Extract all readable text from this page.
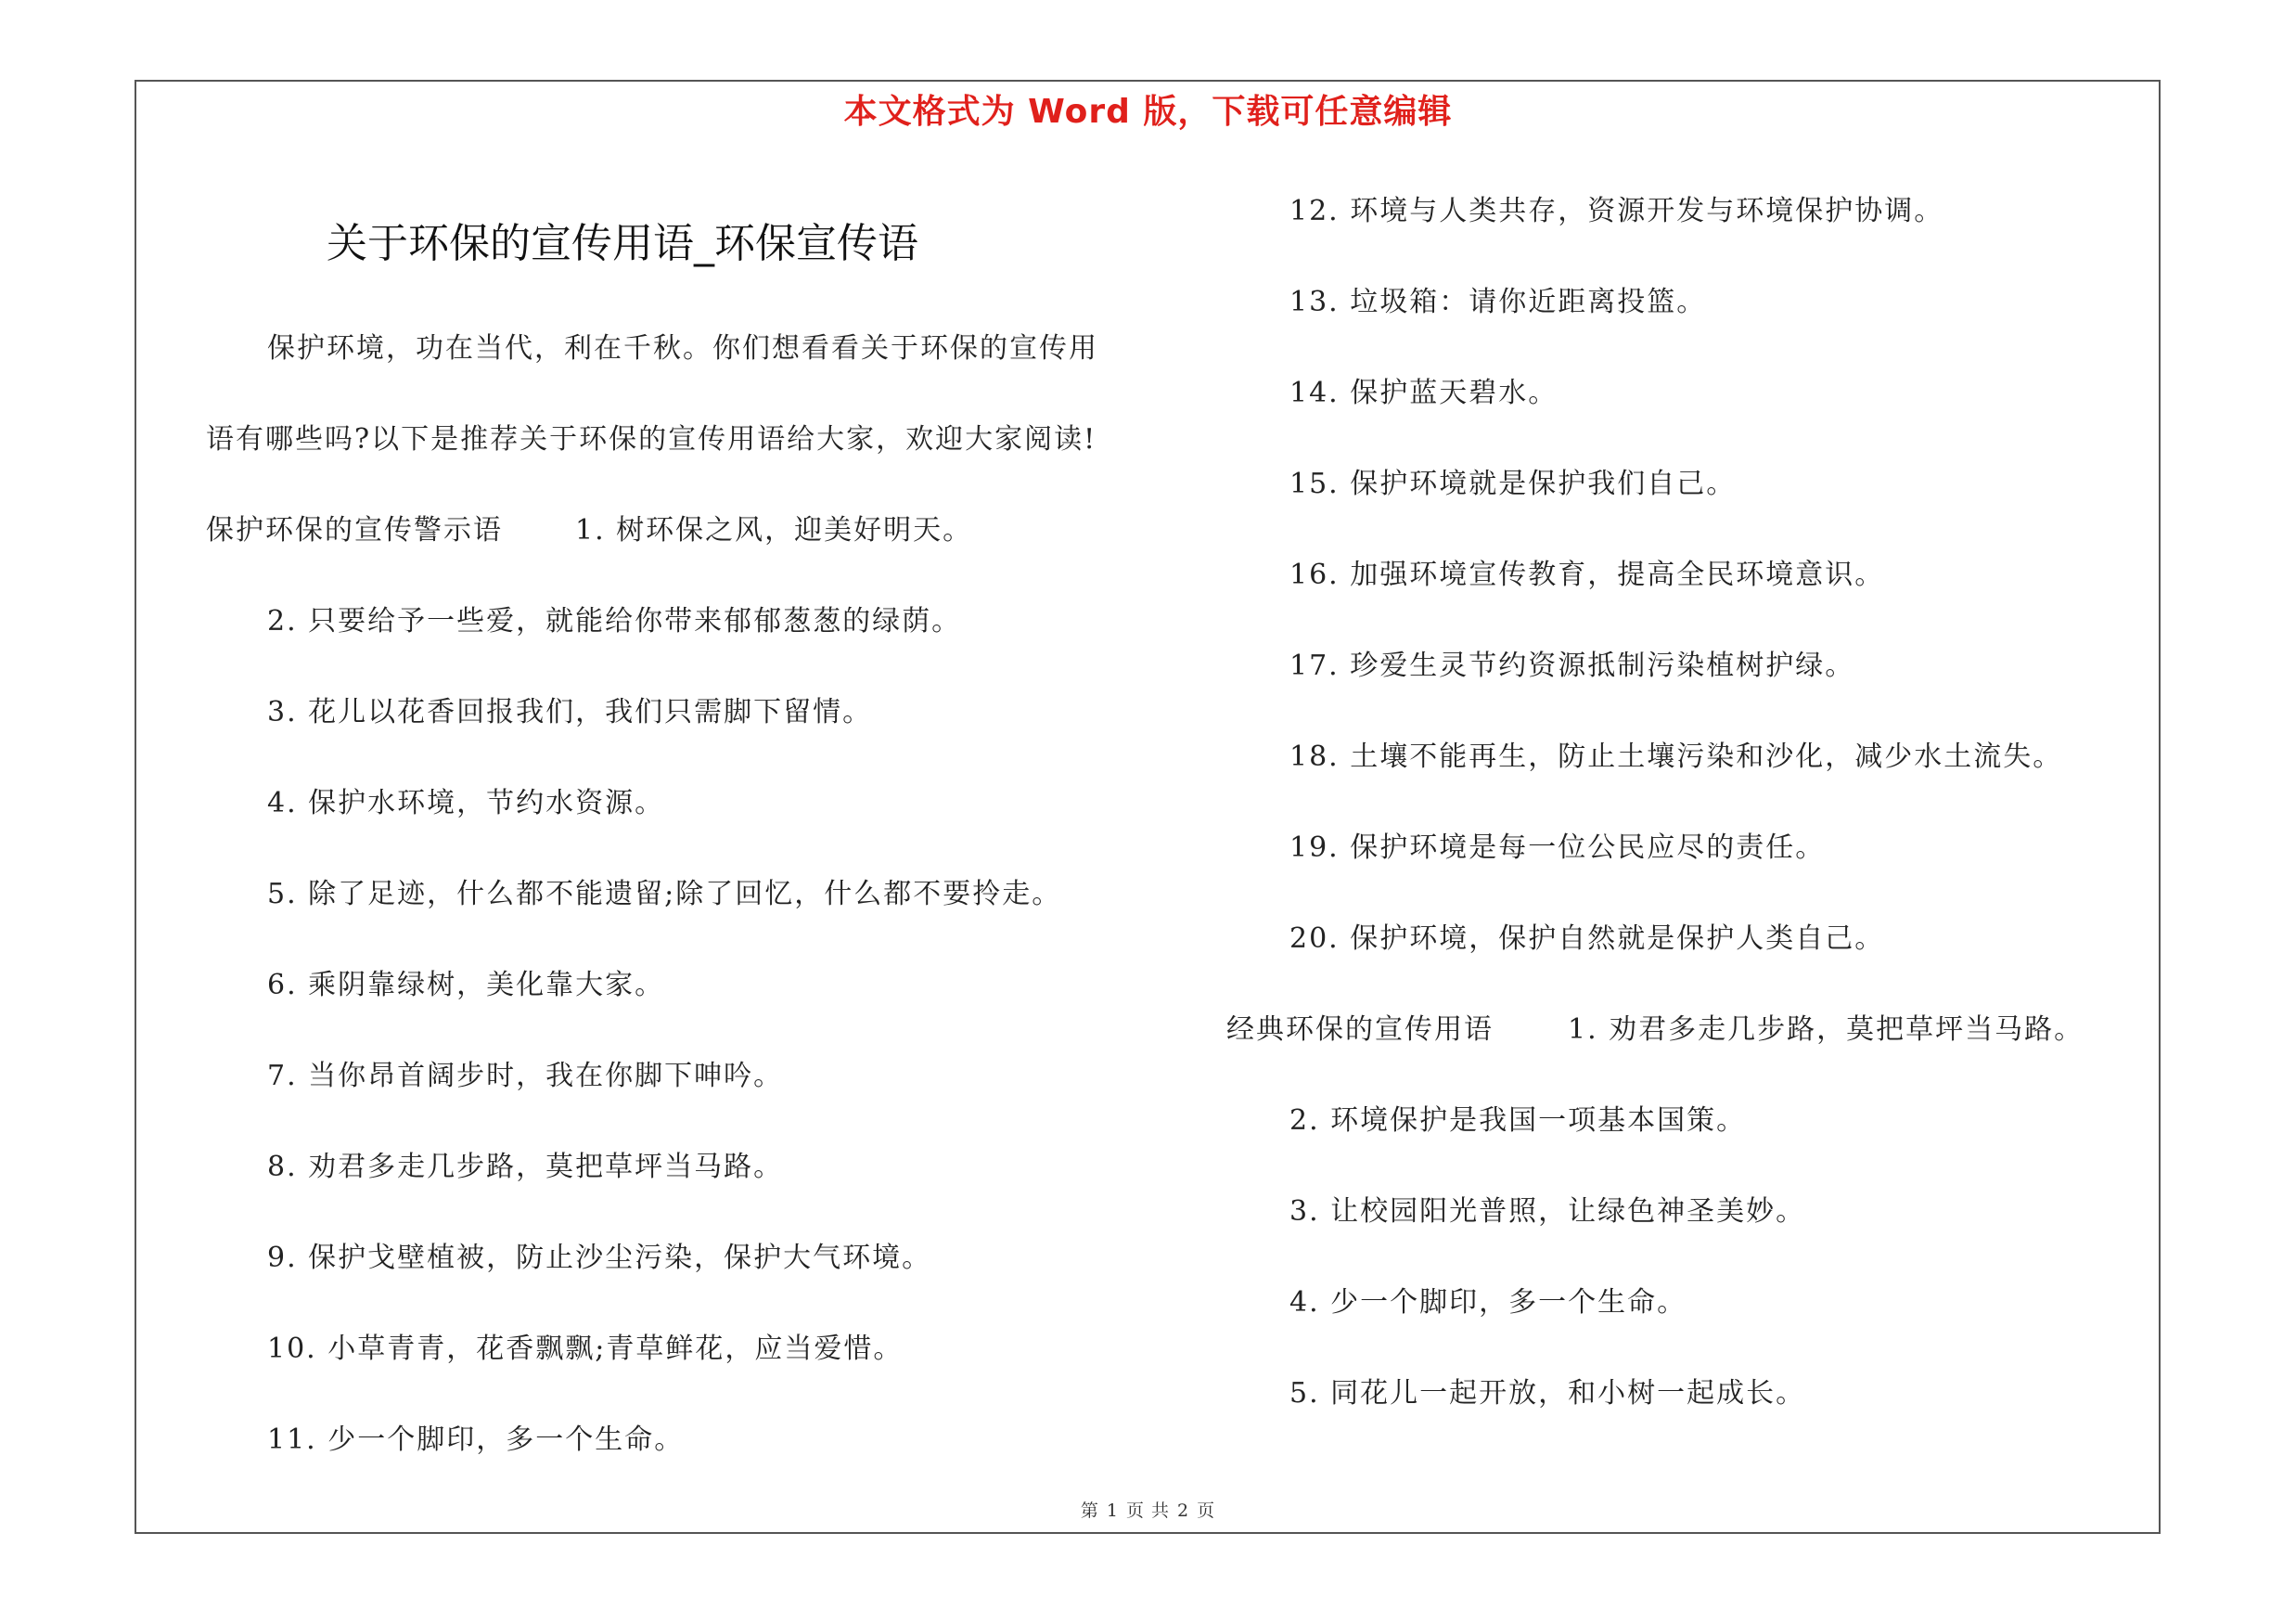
本文格式为 Word 版，下载可任意编辑
关于环保的宣传用语_环保宣传语
保护环境，功在当代，利在千秋。你们想看看关于环保的宣传用
语有哪些吗?以下是推荐关于环保的宣传用语给大家，欢迎大家阅读!
保护环保的宣传警示语	1. 树环保之风，迎美好明天。
2. 只要给予一些爱，就能给你带来郁郁葱葱的绿荫。
3. 花儿以花香回报我们，我们只需脚下留情。
4. 保护水环境，节约水资源。
5. 除了足迹，什么都不能遗留;除了回忆，什么都不要拎走。
6. 乘阴靠绿树，美化靠大家。
7. 当你昂首阔步时，我在你脚下呻吟。
8. 劝君多走几步路，莫把草坪当马路。
9. 保护戈壁植被，防止沙尘污染，保护大气环境。
10. 小草青青，花香飘飘;青草鲜花，应当爱惜。
11. 少一个脚印，多一个生命。
12. 环境与人类共存，资源开发与环境保护协调。
13. 垃圾箱：请你近距离投篮。
14. 保护蓝天碧水。
15. 保护环境就是保护我们自己。
16. 加强环境宣传教育，提高全民环境意识。
17. 珍爱生灵节约资源抵制污染植树护绿。
18. 土壤不能再生，防止土壤污染和沙化，减少水土流失。
19. 保护环境是每一位公民应尽的责任。
20. 保护环境，保护自然就是保护人类自己。
经典环保的宣传用语	1. 劝君多走几步路，莫把草坪当马路。
2. 环境保护是我国一项基本国策。
3. 让校园阳光普照，让绿色神圣美妙。
4. 少一个脚印，多一个生命。
5. 同花儿一起开放，和小树一起成长。
第 1 页 共 2 页
